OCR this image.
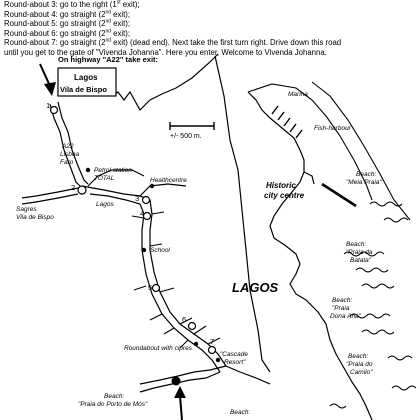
Round-about 3: go to the right (1st exit);
Round-about 4: go straight (2nd exit);
Round-about 5: go straight (2nd exit);
Round-about 6: go straight (2nd exit);
Round-about 7: go straight (2nd exit) (dead end). Next take the first turn right. Drive down this road
until you get to the gate of "Vivenda Johanna". Here you enter, Welcome to Vivenda Johanna.
+/- 500 m.
On highway "A22" take exit:
Lagos
Vila de Bispo
1
2
3
4
5
6
7
A22
Lisboa
Faro
Sagres
Vila de Bispo
Lagos
Petrol station
TOTAL	Healthcentre
School
Roundabout with cipres
"Cascade
Resort"
Marina
Fish-harbour
Historic
city centre
LAGOS
Beach:
"Meia Praia"
Beach:
"Praia da
Batata"
Beach:
"Praia
Dona Ana"
Beach:
"Praia do
Camilo"
Beach:
"Praia do Porto de Mós"
Beach:
